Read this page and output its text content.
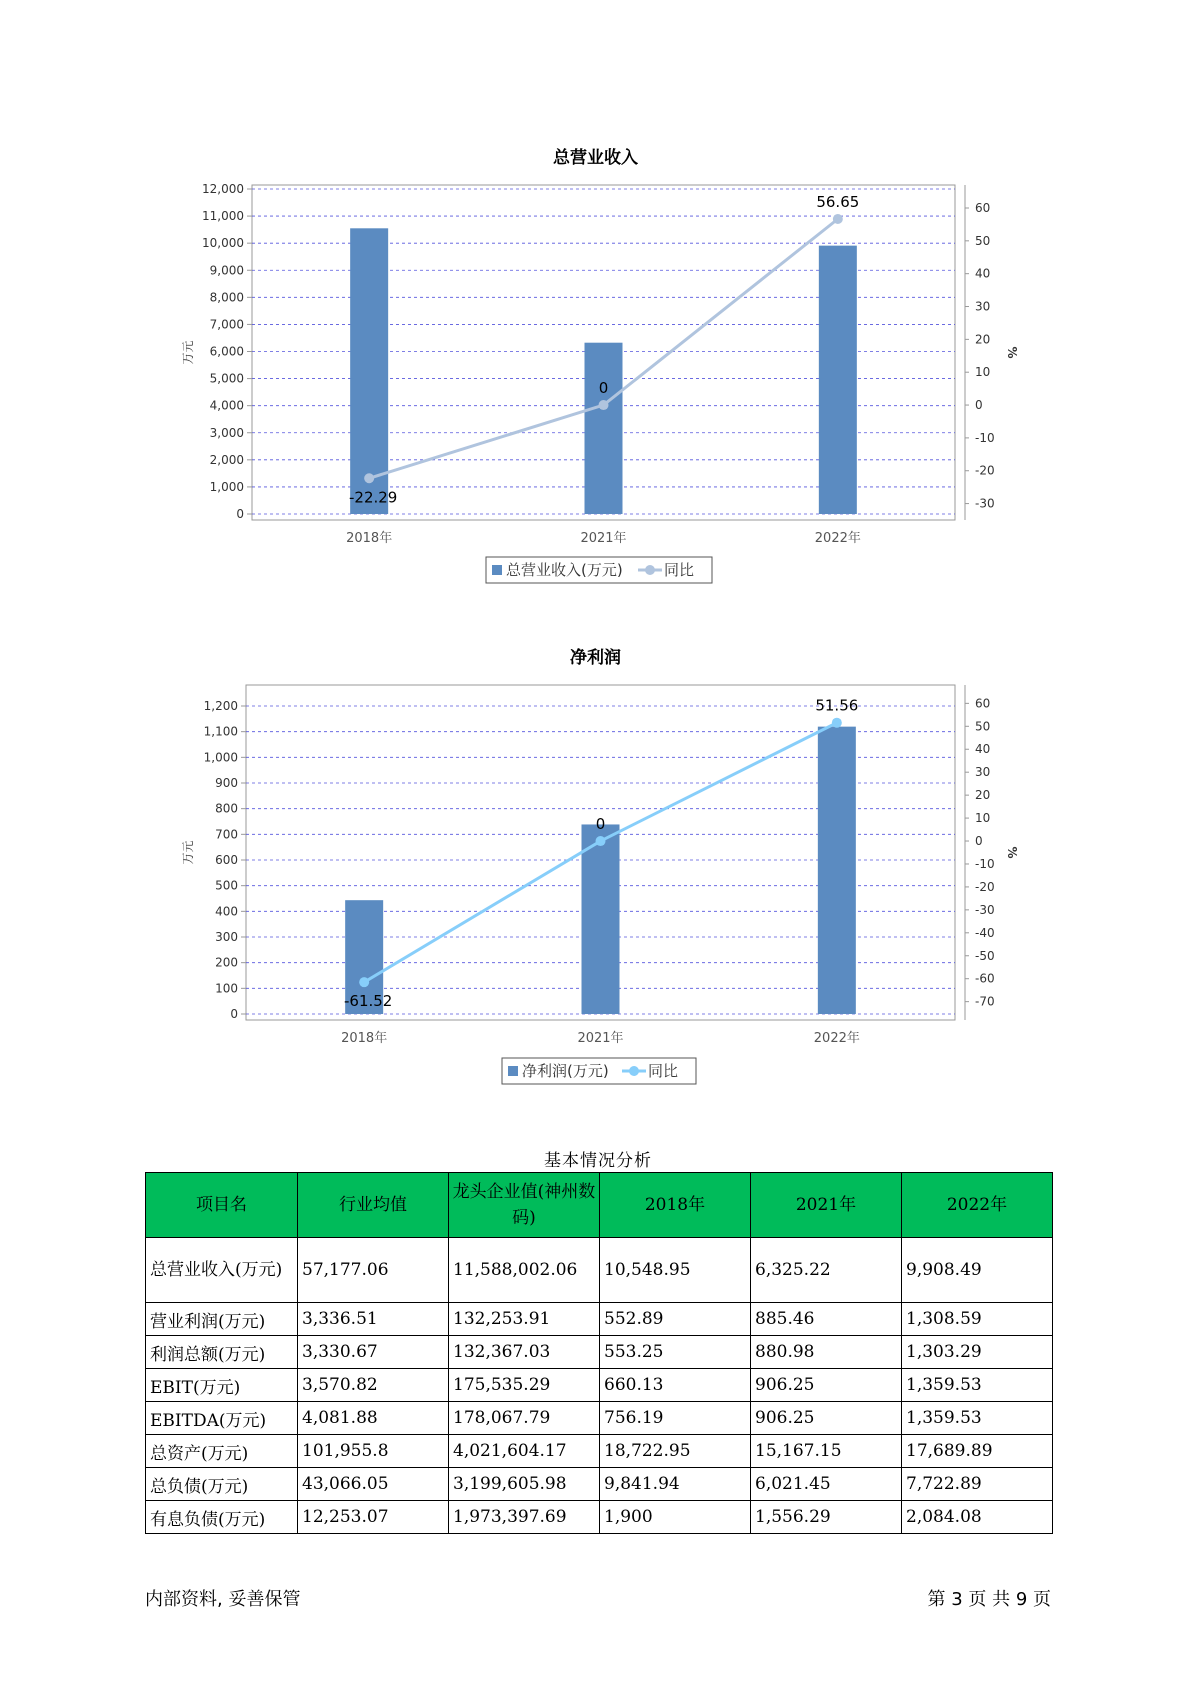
总营业收入
0
1,000
2,000
3,000
4,000
5,000
6,000
7,000
8,000
9,000
10,000
11,000
12,000
-30
-20
-10
0
10
20
30
40
50
60
万元	%
2018年	2021年	2022年
-22.29
0
56.65
总营业收入(万元)	同比
净利润
0
100
200
300
400
500
600
700
800
900
1,000
1,100
1,200
-70
-60
-50
-40
-30
-20
-10
0
10
20
30
40
50
60
万元	%
2018年	2021年	2022年
-61.52
0
51.56
净利润(万元)	同比
基本情况分析
项目名	行业均值	龙头企业值(神州数码)	2018年	2021年	2022年
总营业收入(万元)	57,177.06	11,588,002.06	10,548.95	6,325.22	9,908.49
营业利润(万元)	3,336.51	132,253.91	552.89	885.46	1,308.59
利润总额(万元)	3,330.67	132,367.03	553.25	880.98	1,303.29
EBIT(万元)	3,570.82	175,535.29	660.13	906.25	1,359.53
EBITDA(万元)	4,081.88	178,067.79	756.19	906.25	1,359.53
总资产(万元)	101,955.8	4,021,604.17	18,722.95	15,167.15	17,689.89
总负债(万元)	43,066.05	3,199,605.98	9,841.94	6,021.45	7,722.89
有息负债(万元)	12,253.07	1,973,397.69	1,900	1,556.29	2,084.08
内部资料, 妥善保管	第 3 页 共 9 页
